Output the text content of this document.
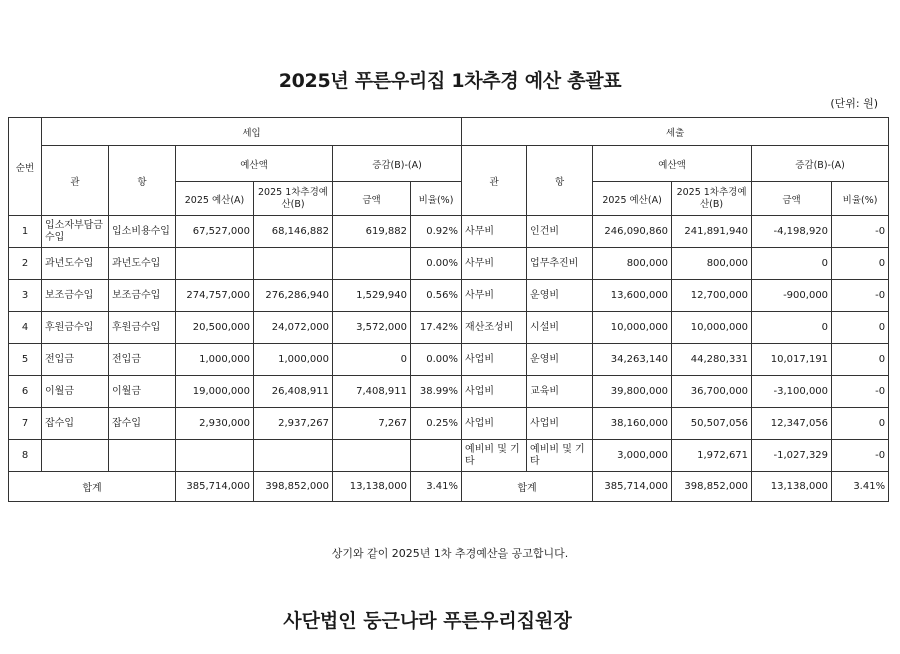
2025년 푸른우리집 1차추경 예산 총괄표
(단위: 원)
순번	세입						세출					
	관	항	예산액		증감(B)-(A)		관	항	예산액		증감(B)-(A)	
			2025 예산(A)	2025 1차추경예산(B)	금액	비율(%)			2025 예산(A)	2025 1차추경예산(B)	금액	비율(%)
1	입소자부담금수입	입소비용수입	67,527,000	68,146,882	619,882	0.92%	사무비	인건비	246,090,860	241,891,940	-4,198,920	-0
2	과년도수입	과년도수입				0.00%	사무비	업무추진비	800,000	800,000	0	0
3	보조금수입	보조금수입	274,757,000	276,286,940	1,529,940	0.56%	사무비	운영비	13,600,000	12,700,000	-900,000	-0
4	후원금수입	후원금수입	20,500,000	24,072,000	3,572,000	17.42%	재산조성비	시설비	10,000,000	10,000,000	0	0
5	전입금	전입금	1,000,000	1,000,000	0	0.00%	사업비	운영비	34,263,140	44,280,331	10,017,191	0
6	이월금	이월금	19,000,000	26,408,911	7,408,911	38.99%	사업비	교육비	39,800,000	36,700,000	-3,100,000	-0
7	잡수입	잡수입	2,930,000	2,937,267	7,267	0.25%	사업비	사업비	38,160,000	50,507,056	12,347,056	0
8							예비비 및 기타	예비비 및 기타	3,000,000	1,972,671	-1,027,329	-0
합계			385,714,000	398,852,000	13,138,000	3.41%	합계		385,714,000	398,852,000	13,138,000	3.41%
상기와 같이 2025년 1차 추경예산을 공고합니다.
사단법인 둥근나라 푸른우리집원장
